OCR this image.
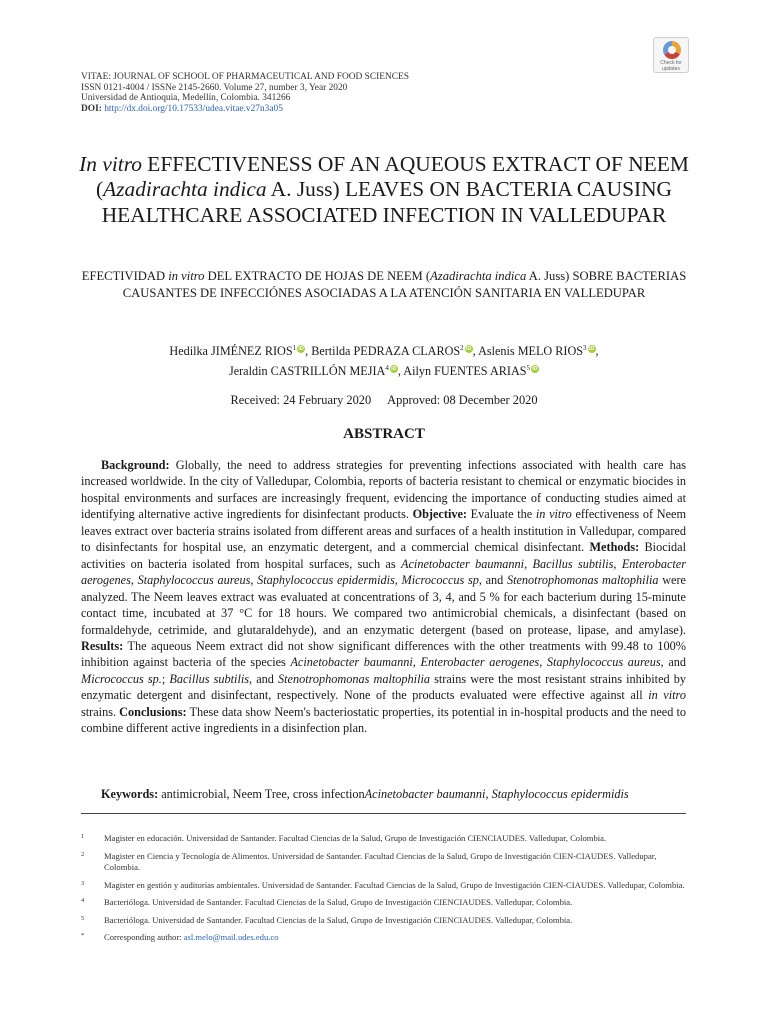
Check for updates
VITAE: JOURNAL OF SCHOOL OF PHARMACEUTICAL AND FOOD SCIENCES
ISSN 0121-4004 / ISSNe 2145-2660. Volume 27, number 3, Year 2020
Universidad de Antioquia, Medellín, Colombia. 341266
DOI: http://dx.doi.org/10.17533/udea.vitae.v27n3a05
In vitro EFFECTIVENESS OF AN AQUEOUS EXTRACT OF NEEM (Azadirachta indica A. Juss) LEAVES ON BACTERIA CAUSING HEALTHCARE ASSOCIATED INFECTION IN VALLEDUPAR
EFECTIVIDAD in vitro DEL EXTRACTO DE HOJAS DE NEEM (Azadirachta indica A. Juss) SOBRE BACTERIAS CAUSANTES DE INFECCIÓNES ASOCIADAS A LA ATENCIÓN SANITARIA EN VALLEDUPAR
Hedilka JIMÉNEZ RIOS$^1$ iD, Bertilda PEDRAZA CLAROS$^2$ iD, Aslenis MELO RIOS$^3$ iD,
Jeraldin CASTRILLÓN MEJIA$^4$ iD, Ailyn FUENTES ARIAS$^5$ iD
Received: 24 February 2020 Approved: 08 December 2020
ABSTRACT

Background: Globally, the need to address strategies for preventing infections associated with health care has increased worldwide. In the city of Valledupar, Colombia, reports of bacteria resistant to chemical or enzymatic biocides in hospital environments and surfaces are increasingly frequent, evidencing the importance of conducting studies aimed at identifying alternative active ingredients for disinfectant products. Objective: Evaluate the in vitro effectiveness of Neem leaves extract over bacteria strains isolated from different areas and surfaces of a health institution in Valledupar, compared to disinfectants for hospital use, an enzymatic detergent, and a commercial chemical disinfectant. Methods: Biocidal activities on bacteria isolated from hospital surfaces, such as Acinetobacter baumanni, Bacillus subtilis, Enterobacter aerogenes, Staphylococcus aureus, Staphylococcus epidermidis, Micrococcus sp, and Stenotrophomonas maltophilia were analyzed. The Neem leaves extract was evaluated at concentrations of 3, 4, and 5 % for each bacterium during 15-minute contact time, incubated at 37 °C for 18 hours. We compared two antimicrobial chemicals, a disinfectant (based on formaldehyde, cetrimide, and glutaraldehyde), and an enzymatic detergent (based on protease, lipase, and amylase). Results: The aqueous Neem extract did not show significant differences with the other treatments with 99.48 to 100% inhibition against bacteria of the species Acinetobacter baumanni, Enterobacter aerogenes, Staphylococcus aureus, and Micrococcus sp.; Bacillus subtilis, and Stenotrophomonas maltophilia strains were the most resistant strains inhibited by enzymatic detergent and disinfectant, respectively. None of the products evaluated were effective against all in vitro strains. Conclusions: These data show Neem's bacteriostatic properties, its potential in in-hospital products and the need to combine different active ingredients in a disinfection plan.

Keywords: antimicrobial, Neem Tree, cross infectionAcinetobacter baumanni, Staphylococcus epidermidis
1 Magister en educación. Universidad de Santander. Facultad Ciencias de la Salud, Grupo de Investigación CIENCIAUDES. Valledupar, Colombia.
2 Magister en Ciencia y Tecnología de Alimentos. Universidad de Santander. Facultad Ciencias de la Salud, Grupo de Investigación CIEN-CIAUDES. Valledupar, Colombia.
3 Magister en gestión y auditorías ambientales. Universidad de Santander. Facultad Ciencias de la Salud, Grupo de Investigación CIEN-CIAUDES. Valledupar, Colombia.
4 Bacterióloga. Universidad de Santander. Facultad Ciencias de la Salud, Grupo de Investigación CIENCIAUDES. Valledupar, Colombia.
5 Bacterióloga. Universidad de Santander. Facultad Ciencias de la Salud, Grupo de Investigación CIENCIAUDES. Valledupar, Colombia.
* Corresponding author: asl.melo@mail.udes.edu.co
